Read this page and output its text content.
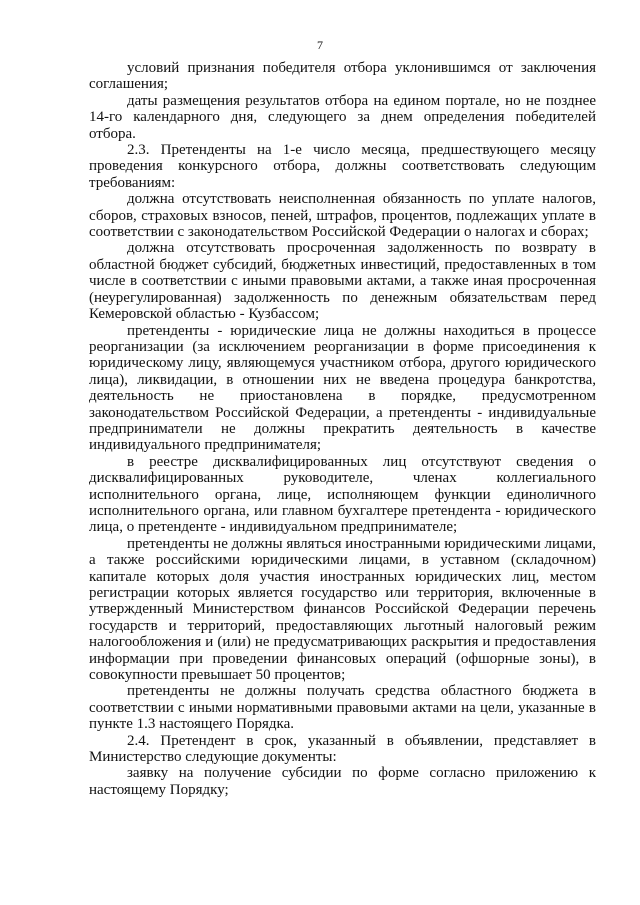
7

условий признания победителя отбора уклонившимся от заключения соглашения;

даты размещения результатов отбора на едином портале, но не позднее 14-го календарного дня, следующего за днем определения победителей отбора.

2.3. Претенденты на 1-е число месяца, предшествующего месяцу проведения конкурсного отбора, должны соответствовать следующим требованиям:

должна отсутствовать неисполненная обязанность по уплате налогов, сборов, страховых взносов, пеней, штрафов, процентов, подлежащих уплате в соответствии с законодательством Российской Федерации о налогах и сборах;

должна отсутствовать просроченная задолженность по возврату в областной бюджет субсидий, бюджетных инвестиций, предоставленных в том числе в соответствии с иными правовыми актами, а также иная просроченная (неурегулированная) задолженность по денежным обязательствам перед Кемеровской областью - Кузбассом;

претенденты - юридические лица не должны находиться в процессе реорганизации (за исключением реорганизации в форме присоединения к юридическому лицу, являющемуся участником отбора, другого юридического лица), ликвидации, в отношении них не введена процедура банкротства, деятельность не приостановлена в порядке, предусмотренном законодательством Российской Федерации, а претенденты - индивидуальные предприниматели не должны прекратить деятельность в качестве индивидуального предпринимателя;

в реестре дисквалифицированных лиц отсутствуют сведения о дисквалифицированных руководителе, членах коллегиального исполнительного органа, лице, исполняющем функции единоличного исполнительного органа, или главном бухгалтере претендента - юридического лица, о претенденте - индивидуальном предпринимателе;

претенденты не должны являться иностранными юридическими лицами, а также российскими юридическими лицами, в уставном (складочном) капитале которых доля участия иностранных юридических лиц, местом регистрации которых является государство или территория, включенные в утвержденный Министерством финансов Российской Федерации перечень государств и территорий, предоставляющих льготный налоговый режим налогообложения и (или) не предусматривающих раскрытия и предоставления информации при проведении финансовых операций (офшорные зоны), в совокупности превышает 50 процентов;

претенденты не должны получать средства областного бюджета в соответствии с иными нормативными правовыми актами на цели, указанные в пункте 1.3 настоящего Порядка.

2.4. Претендент в срок, указанный в объявлении, представляет в Министерство следующие документы:

заявку на получение субсидии по форме согласно приложению к настоящему Порядку;
